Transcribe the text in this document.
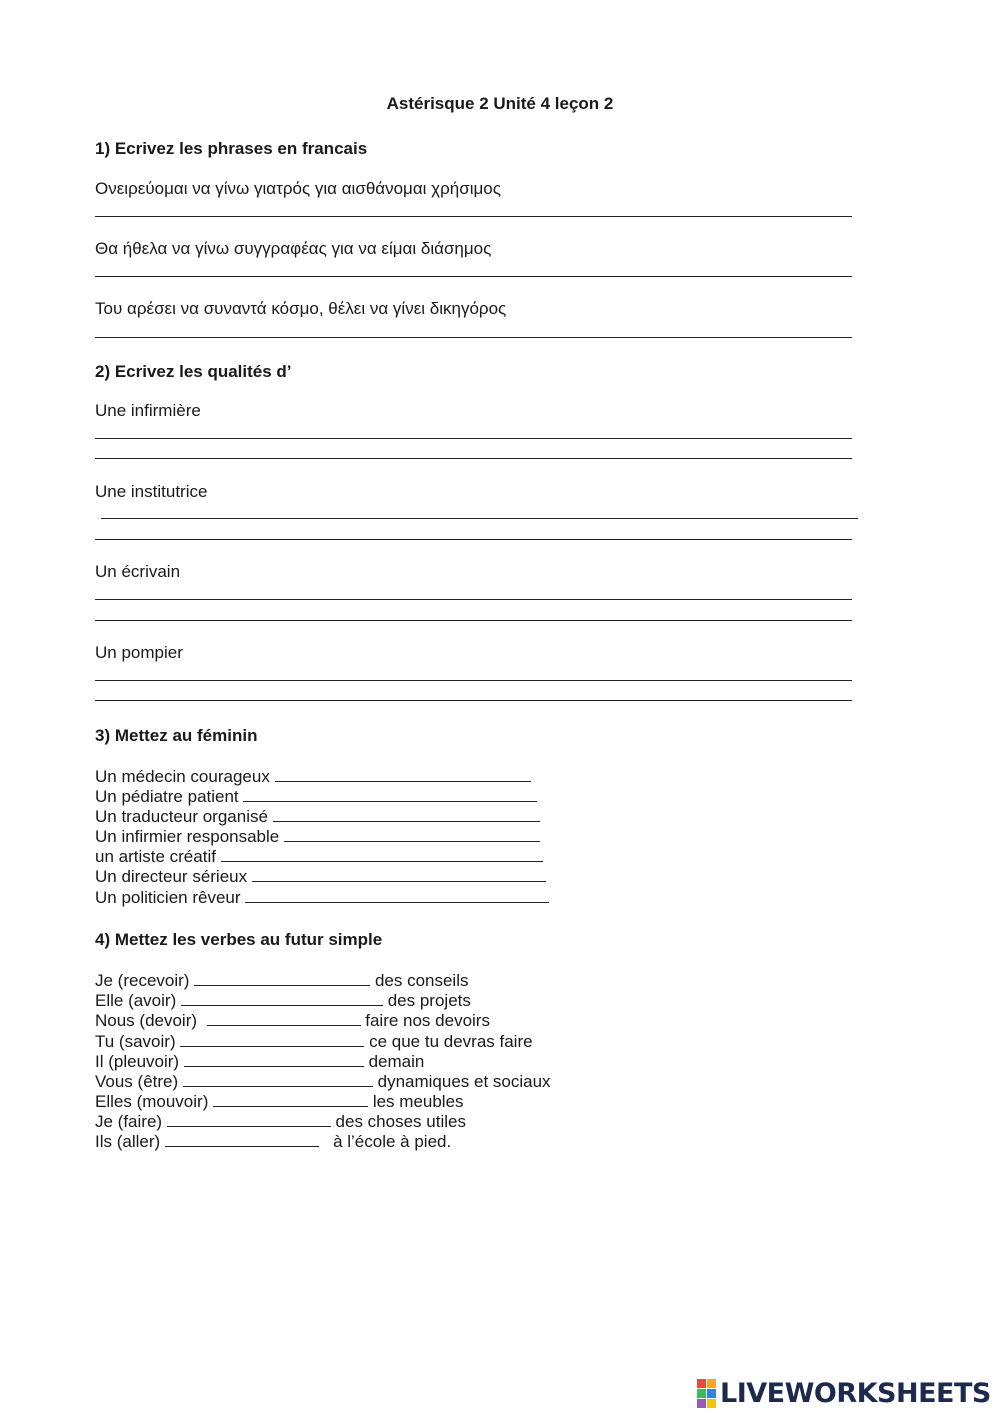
Astérisque 2 Unité 4 leçon 2
1) Ecrivez les phrases en francais
Ονειρεύομαι να γίνω γιατρός για αισθάνομαι χρήσιμος
Θα ήθελα να γίνω συγγραφέας για να είμαι διάσημος
Του αρέσει να συναντά κόσμο, θέλει να γίνει δικηγόρος
2) Ecrivez les qualités d’
Une infirmière
Une institutrice
Un écrivain
Un pompier
3) Mettez au féminin
Un médecin courageux
Un pédiatre patient
Un traducteur organisé
Un infirmier responsable
un artiste créatif
Un directeur sérieux
Un politicien rêveur
4) Mettez les verbes au futur simple
Je (recevoir)	des conseils
Elle (avoir)	des projets
Nous (devoir)	faire nos devoirs
Tu (savoir)	ce que tu devras faire
Il (pleuvoir)	demain
Vous (être)	dynamiques et sociaux
Elles (mouvoir)	les meubles
Je (faire)	des choses utiles
Ils (aller)	à l’école à pied.
LIVEWORKSHEETS
